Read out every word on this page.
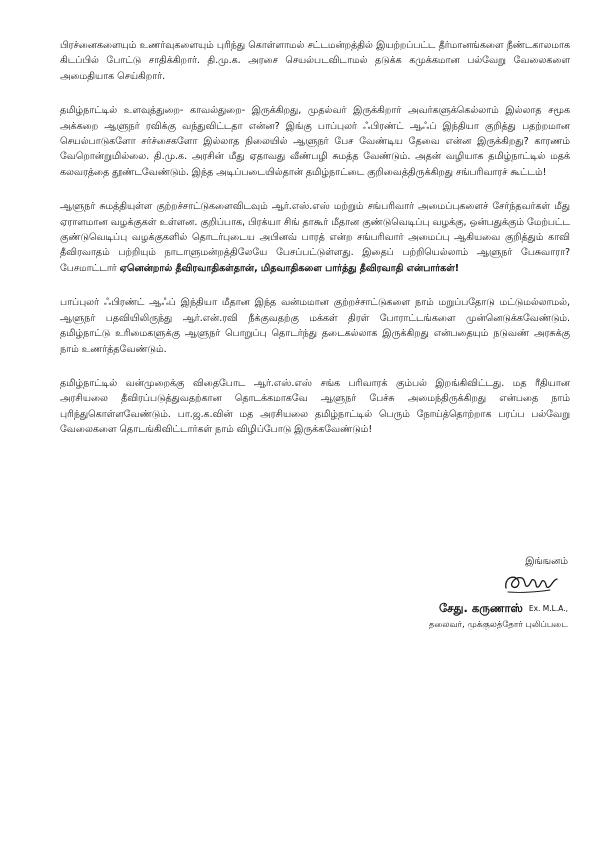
பிரச்னைகளையும் உணர்வுகளையும் புரிந்து கொள்ளாமல் சட்டமன்றத்தில் இயற்றப்பட்ட தீர்மானங்களை நீண்டகாலமாக கிடப்பில் போட்டு சாதிக்கிறார். தி.மு.க. அரசை செயல்படவிடாமல் தடுக்க கமுக்கமான பல்வேறு வேலைகளை அமைதியாக செய்கிறார்.

தமிழ்நாட்டில் உளவுத்துறை- காவல்துறை- இருக்கிறது, முதல்வர் இருக்கிறார் அவர்களுக்கெல்லாம் இல்லாத சமூக அக்கறை ஆளுநர் ரவிக்கு வந்துவிட்டதா என்ன? இங்கு பாப்புலர் ஃபிரண்ட் ஆஃப் இந்தியா குறித்து பதற்றமான செயல்பாடுகளோ சர்ச்சைகளோ இல்லாத நிலையில் ஆளுநர் பேச வேண்டிய தேவை என்ன இருக்கிறது? காரணம் வேறொன்றுமில்லை. தி.மு.க. அரசின் மீது ஏதாவது வீண்பழி சுமத்த வேண்டும். அதன் வழியாக தமிழ்நாட்டில் மதக் கலவரத்தை தூண்டவேண்டும். இந்த அடிப்படையில்தான் தமிழ்நாட்டை குறிவைத்திருக்கிறது சங்பரிவாரச் கூட்டம்!

ஆளுநர் சுமத்தியுள்ள குற்றச்சாட்டுகளைவிடவும் ஆர்.எஸ்.எஸ் மற்றும் சங்பரிவார் அமைப்புகளைச் சேர்ந்தவர்கள் மீது ஏராளமான வழக்குகள் உள்ளன. குறிப்பாக, பிரக்யா சிங் தாகூர் மீதான குண்டுவெடிப்பு வழக்கு, ஒன்பதுக்கும் மேற்பட்ட குண்டுவெடிப்பு வழக்குகளில் தொடர்புடைய அபினவ் பாரத் என்ற சங்பரிவார் அமைப்பு ஆகியவை குறித்தும் காவி தீவிரவாதம் பற்றியும் நாடாளுமன்றத்திலேயே பேசப்பட்டுள்ளது. இதைப் பற்றியெல்லாம் ஆளுநர் பேசுவாரா? பேசமாட்டார் ஏனென்றால் தீவிரவாதிகள்தான், மிதவாதிகளை பார்த்து தீவிரவாதி என்பார்கள்!

பாப்புலர் ஃபிரண்ட் ஆஃப் இந்தியா மீதான இந்த வன்மமான குற்றச்சாட்டுகளை நாம் மறுப்பதோடு மட்டுமல்லாமல், ஆளுநர் பதவியிலிருந்து ஆர்.என்.ரவி நீக்குவதற்கு மக்கள் திரள் போராட்டங்களை முன்னெடுக்கவேண்டும். தமிழ்நாட்டு உரிமைகளுக்கு ஆளுநர் பொறுப்பு தொடர்ந்து தடைகல்லாக இருக்கிறது என்பதையும் நடுவண் அரசுக்கு நாம் உணர்த்தவேண்டும்.

தமிழ்நாட்டில் வன்முறைக்கு விதைபோட ஆர்.எஸ்.எஸ் சங்க பரிவாரக் கும்பல் இறங்கிவிட்டது. மத ரீதியான அரசியலை தீவிரப்படுத்துவதற்கான தொடக்கமாகவே ஆளுநர் பேச்சு அமைந்திருக்கிறது என்பதை நாம் புரிந்துகொள்ளவேண்டும். பா.ஜ.க.வின் மத அரசியலை தமிழ்நாட்டில் பெரும் நோய்த்தொற்றாக பரப்ப பல்வேறு வேலைகளை தொடங்கிவிட்டார்கள் நாம் விழிப்போடு இருக்கவேண்டும்!

இங்ஙனம்
சேது. கருணாஸ் Ex. M.L.A.,
தலைவர், முக்குலத்தோர் புலிப்படை
